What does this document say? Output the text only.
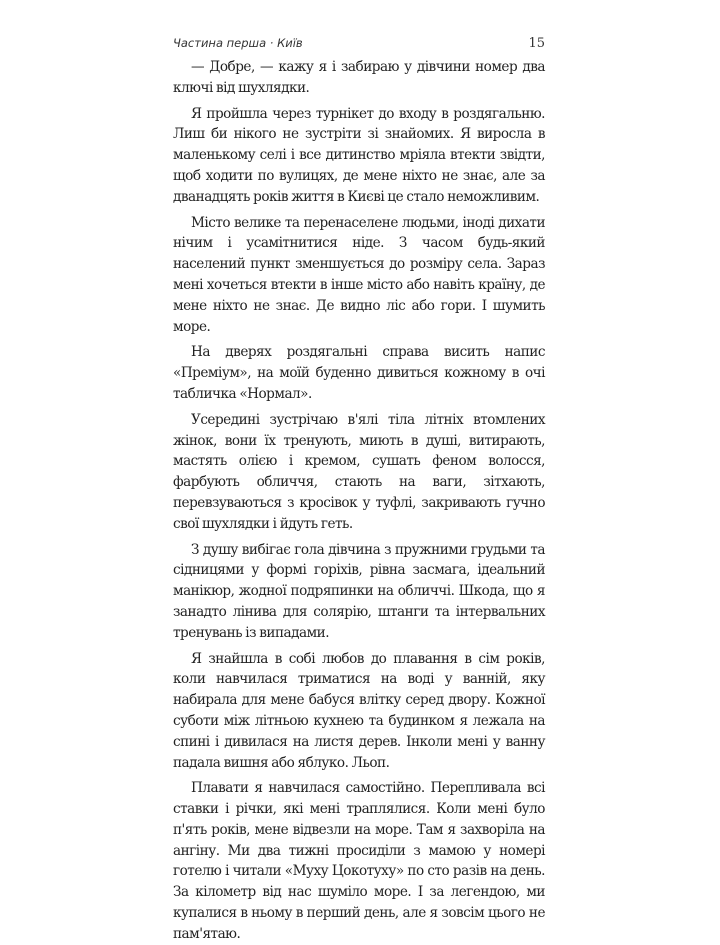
Частина перша · Київ	15

— Добре, — кажу я і забираю у дівчини номер два ключі від шухлядки.

Я пройшла через турнікет до входу в роздягальню. Лиш би нікого не зустріти зі знайомих. Я виросла в маленькому селі і все дитинство мріяла втекти звідти, щоб ходити по вулицях, де мене ніхто не знає, але за дванадцять років життя в Києві це стало неможливим.

Місто велике та перенаселене людьми, іноді дихати нічим і усамітнитися ніде. З часом будь-який населений пункт зменшується до розміру села. Зараз мені хочеться втекти в інше місто або навіть країну, де мене ніхто не знає. Де видно ліс або гори. І шумить море.

На дверях роздягальні справа висить напис «Преміум», на моїй буденно дивиться кожному в очі табличка «Нормал».

Усередині зустрічаю в'ялі тіла літніх втомлених жінок, вони їх тренують, миють в душі, витирають, мастять олією і кремом, сушать феном волосся, фарбують обличчя, стають на ваги, зітхають, перевзуваються з кросівок у туфлі, закривають гучно свої шухлядки і йдуть геть.

З душу вибігає гола дівчина з пружними грудьми та сідницями у формі горіхів, рівна засмага, ідеальний манікюр, жодної подряпинки на обличчі. Шкода, що я занадто лінива для солярію, штанги та інтервальних тренувань із випадами.

Я знайшла в собі любов до плавання в сім років, коли навчилася триматися на воді у ванній, яку набирала для мене бабуся влітку серед двору. Кожної суботи між літньою кухнею та будинком я лежала на спині і дивилася на листя дерев. Інколи мені у ванну падала вишня або яблуко. Льоп.

Плавати я навчилася самостійно. Перепливала всі ставки і річки, які мені траплялися. Коли мені було п'ять років, мене відвезли на море. Там я захворіла на ангіну. Ми два тижні просиділи з мамою у номері готелю і читали «Муху Цокотуху» по сто разів на день. За кілометр від нас шуміло море. І за легендою, ми купалися в ньому в перший день, але я зовсім цього не пам'ятаю.
